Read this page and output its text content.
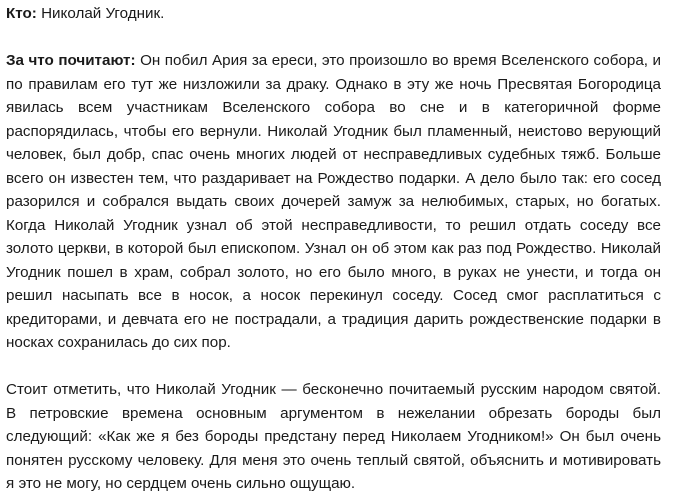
Кто: Николай Угодник.

За что почитают: Он побил Ария за ереси, это произошло во время Вселенского собора, и по правилам его тут же низложили за драку. Однако в эту же ночь Пресвятая Богородица явилась всем участникам Вселенского собора во сне и в категоричной форме распорядилась, чтобы его вернули. Николай Угодник был пламенный, неистово верующий человек, был добр, спас очень многих людей от несправедливых судебных тяжб. Больше всего он известен тем, что раздаривает на Рождество подарки. А дело было так: его сосед разорился и собрался выдать своих дочерей замуж за нелюбимых, старых, но богатых. Когда Николай Угодник узнал об этой несправедливости, то решил отдать соседу все золото церкви, в которой был епископом. Узнал он об этом как раз под Рождество. Николай Угодник пошел в храм, собрал золото, но его было много, в руках не унести, и тогда он решил насыпать все в носок, а носок перекинул соседу. Сосед смог расплатиться с кредиторами, и девчата его не пострадали, а традиция дарить рождественские подарки в носках сохранилась до сих пор.

Стоит отметить, что Николай Угодник — бесконечно почитаемый русским народом святой. В петровские времена основным аргументом в нежелании обрезать бороды был следующий: «Как же я без бороды предстану перед Николаем Угодником!» Он был очень понятен русскому человеку. Для меня это очень теплый святой, объяснить и мотивировать я это не могу, но сердцем очень сильно ощущаю.
